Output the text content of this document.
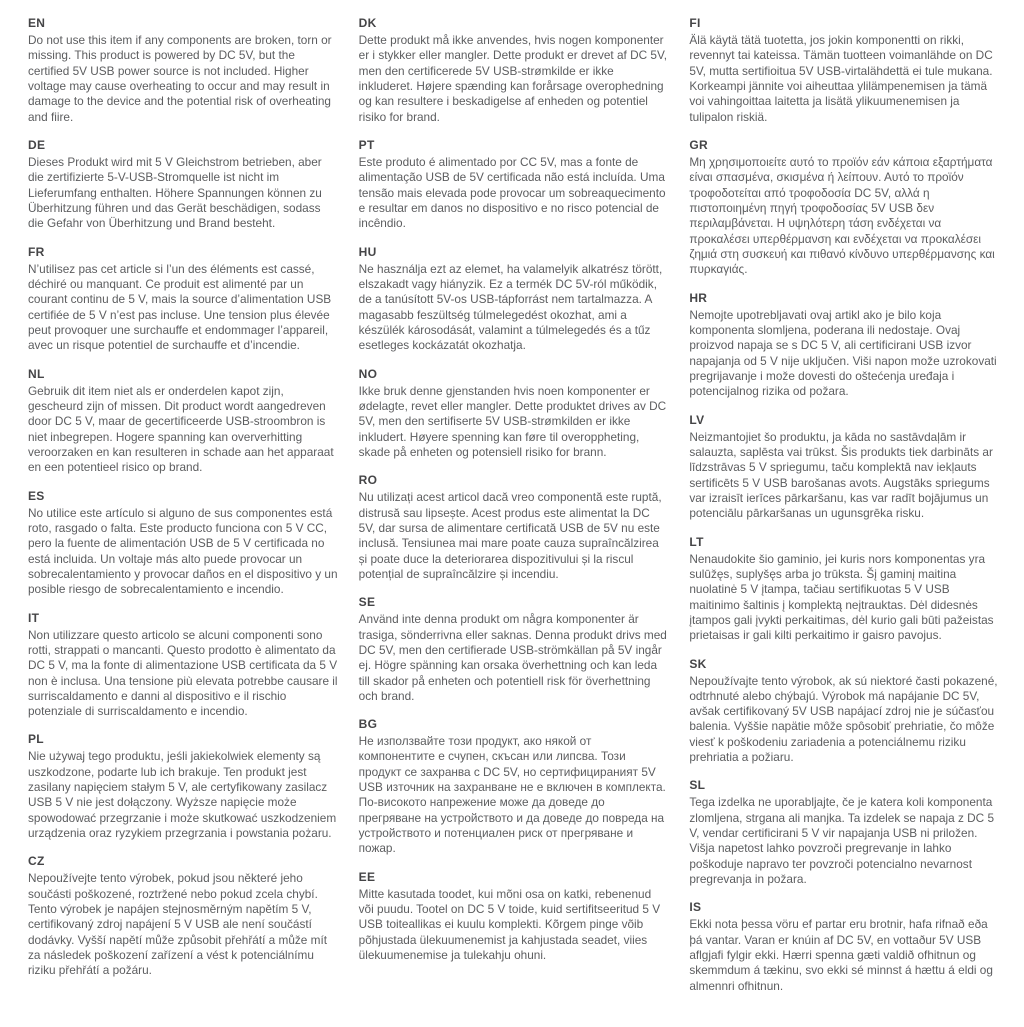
EN

Do not use this item if any components are broken, torn or missing. This product is powered by DC 5V, but the certified 5V USB power source is not included. Higher voltage may cause overheating to occur and may result in damage to the device and the potential risk of overheating and fiire.

DE

Dieses Produkt wird mit 5 V Gleichstrom betrieben, aber die zertifizierte 5-V-USB-Stromquelle ist nicht im Lieferumfang enthalten. Höhere Spannungen können zu Überhitzung führen und das Gerät beschädigen, sodass die Gefahr von Überhitzung und Brand besteht.

FR

N’utilisez pas cet article si l’un des éléments est cassé, déchiré ou manquant. Ce produit est alimenté par un courant continu de 5 V, mais la source d’alimentation USB certifiée de 5 V n’est pas incluse. Une tension plus élevée peut provoquer une surchauffe et endommager l’appareil, avec un risque potentiel de surchauffe et d’incendie.

NL

Gebruik dit item niet als er onderdelen kapot zijn, gescheurd zijn of missen. Dit product wordt aangedreven door DC 5 V, maar de gecertificeerde USB-stroombron is niet inbegrepen. Hogere spanning kan oververhitting veroorzaken en kan resulteren in schade aan het apparaat en een potentieel risico op brand.

ES

No utilice este artículo si alguno de sus componentes está roto, rasgado o falta. Este producto funciona con 5 V CC, pero la fuente de alimentación USB de 5 V certificada no está incluida. Un voltaje más alto puede provocar un sobrecalentamiento y provocar daños en el dispositivo y un posible riesgo de sobrecalentamiento e incendio.

IT

Non utilizzare questo articolo se alcuni componenti sono rotti, strappati o mancanti. Questo prodotto è alimentato da DC 5 V, ma la fonte di alimentazione USB certificata da 5 V non è inclusa. Una tensione più elevata potrebbe causare il surriscaldamento e danni al dispositivo e il rischio potenziale di surriscaldamento e incendio.

PL

Nie używaj tego produktu, jeśli jakiekolwiek elementy są uszkodzone, podarte lub ich brakuje. Ten produkt jest zasilany napięciem stałym 5 V, ale certyfikowany zasilacz USB 5 V nie jest dołączony. Wyższe napięcie może spowodować przegrzanie i może skutkować uszkodzeniem urządzenia oraz ryzykiem przegrzania i powstania pożaru.

CZ

Nepoužívejte tento výrobek, pokud jsou některé jeho součásti poškozené, roztržené nebo pokud zcela chybí. Tento výrobek je napájen stejnosměrným napětím 5 V, certifikovaný zdroj napájení 5 V USB ale není součástí dodávky. Vyšší napětí může způsobit přehřátí a může mít za následek poškození zařízení a vést k potenciálnímu riziku přehřátí a požáru.

DK

Dette produkt må ikke anvendes, hvis nogen komponenter er i stykker eller mangler. Dette produkt er drevet af DC 5V, men den certificerede 5V USB-strømkilde er ikke inkluderet. Højere spænding kan forårsage overophedning og kan resultere i beskadigelse af enheden og potentiel risiko for brand.

PT

Este produto é alimentado por CC 5V, mas a fonte de alimentação USB de 5V certificada não está incluída. Uma tensão mais elevada pode provocar um sobreaquecimento e resultar em danos no dispositivo e no risco potencial de incêndio.

HU

Ne használja ezt az elemet, ha valamelyik alkatrész törött, elszakadt vagy hiányzik. Ez a termék DC 5V-ról működik, de a tanúsított 5V-os USB-tápforrást nem tartalmazza. A magasabb feszültség túlmelegedést okozhat, ami a készülék károsodását, valamint a túlmelegedés és a tűz esetleges kockázatát okozhatja.

NO

Ikke bruk denne gjenstanden hvis noen komponenter er ødelagte, revet eller mangler. Dette produktet drives av DC 5V, men den sertifiserte 5V USB-strømkilden er ikke inkludert. Høyere spenning kan føre til overoppheting, skade på enheten og potensiell risiko for brann.

RO

Nu utilizați acest articol dacă vreo componentă este ruptă, distrusă sau lipsește. Acest produs este alimentat la DC 5V, dar sursa de alimentare certificată USB de 5V nu este inclusă. Tensiunea mai mare poate cauza supraîncălzirea și poate duce la deteriorarea dispozitivului și la riscul potențial de supraîncălzire și incendiu.

SE

Använd inte denna produkt om några komponenter är trasiga, sönderrivna eller saknas. Denna produkt drivs med DC 5V, men den certifierade USB-strömkällan på 5V ingår ej. Högre spänning kan orsaka överhettning och kan leda till skador på enheten och potentiell risk för överhettning och brand.

BG

Не използвайте този продукт, ако някой от компонентите е счупен, скъсан или липсва. Този продукт се захранва с DC 5V, но сертифицираният 5V USB източник на захранване не е включен в комплекта. По-високото напрежение може да доведе до прегряване на устройството и да доведе до повреда на устройството и потенциален риск от прегряване и пожар.

EE

Mitte kasutada toodet, kui mõni osa on katki, rebenenud või puudu. Tootel on DC 5 V toide, kuid sertifitseeritud 5 V USB toiteallikas ei kuulu komplekti. Kõrgem pinge võib põhjustada ülekuumenemist ja kahjustada seadet, viies ülekuumenemise ja tulekahju ohuni.

FI

Älä käytä tätä tuotetta, jos jokin komponentti on rikki, revennyt tai kateissa. Tämän tuotteen voimanlähde on DC 5V, mutta sertifioitua 5V USB-virtalähdettä ei tule mukana. Korkeampi jännite voi aiheuttaa ylilämpenemisen ja tämä voi vahingoittaa laitetta ja lisätä ylikuumenemisen ja tulipalon riskiä.

GR

Μη χρησιμοποιείτε αυτό το προϊόν εάν κάποια εξαρτήματα είναι σπασμένα, σκισμένα ή λείπουν. Αυτό το προϊόν τροφοδοτείται από τροφοδοσία DC 5V, αλλά η πιστοποιημένη πηγή τροφοδοσίας 5V USB δεν περιλαμβάνεται. Η υψηλότερη τάση ενδέχεται να προκαλέσει υπερθέρμανση και ενδέχεται να προκαλέσει ζημιά στη συσκευή και πιθανό κίνδυνο υπερθέρμανσης και πυρκαγιάς.

HR

Nemojte upotrebljavati ovaj artikl ako je bilo koja komponenta slomljena, poderana ili nedostaje. Ovaj proizvod napaja se s DC 5 V, ali certificirani USB izvor napajanja od 5 V nije uključen. Viši napon može uzrokovati pregrijavanje i može dovesti do oštećenja uređaja i potencijalnog rizika od požara.

LV

Neizmantojiet šo produktu, ja kāda no sastāvdaļām ir salauzta, saplēsta vai trūkst. Šis produkts tiek darbināts ar līdzstrāvas 5 V spriegumu, taču komplektā nav iekļauts sertificēts 5 V USB barošanas avots. Augstāks spriegums var izraisīt ierīces pārkaršanu, kas var radīt bojājumus un potenciālu pārkaršanas un ugunsgrēka risku.

LT

Nenaudokite šio gaminio, jei kuris nors komponentas yra sulūžęs, suplyšęs arba jo trūksta. Šį gaminį maitina nuolatinė 5 V įtampa, tačiau sertifikuotas 5 V USB maitinimo šaltinis į komplektą neįtrauktas. Dėl didesnės įtampos gali įvykti perkaitimas, dėl kurio gali būti pažeistas prietaisas ir gali kilti perkaitimo ir gaisro pavojus.

SK

Nepoužívajte tento výrobok, ak sú niektoré časti pokazené, odtrhnuté alebo chýbajú. Výrobok má napájanie DC 5V, avšak certifikovaný 5V USB napájací zdroj nie je súčasťou balenia. Vyššie napätie môže spôsobiť prehriatie, čo môže viesť k poškodeniu zariadenia a potenciálnemu riziku prehriatia a požiaru.

SL

Tega izdelka ne uporabljajte, če je katera koli komponenta zlomljena, strgana ali manjka. Ta izdelek se napaja z DC 5 V, vendar certificirani 5 V vir napajanja USB ni priložen. Višja napetost lahko povzroči pregrevanje in lahko poškoduje napravo ter povzroči potencialno nevarnost pregrevanja in požara.

IS

Ekki nota þessa vöru ef partar eru brotnir, hafa rifnað eða þá vantar. Varan er knúin af DC 5V, en vottaður 5V USB aflgjafi fylgir ekki. Hærri spenna gæti valdið ofhitnun og skemmdum á tækinu, svo ekki sé minnst á hættu á eldi og almennri ofhitnun.
